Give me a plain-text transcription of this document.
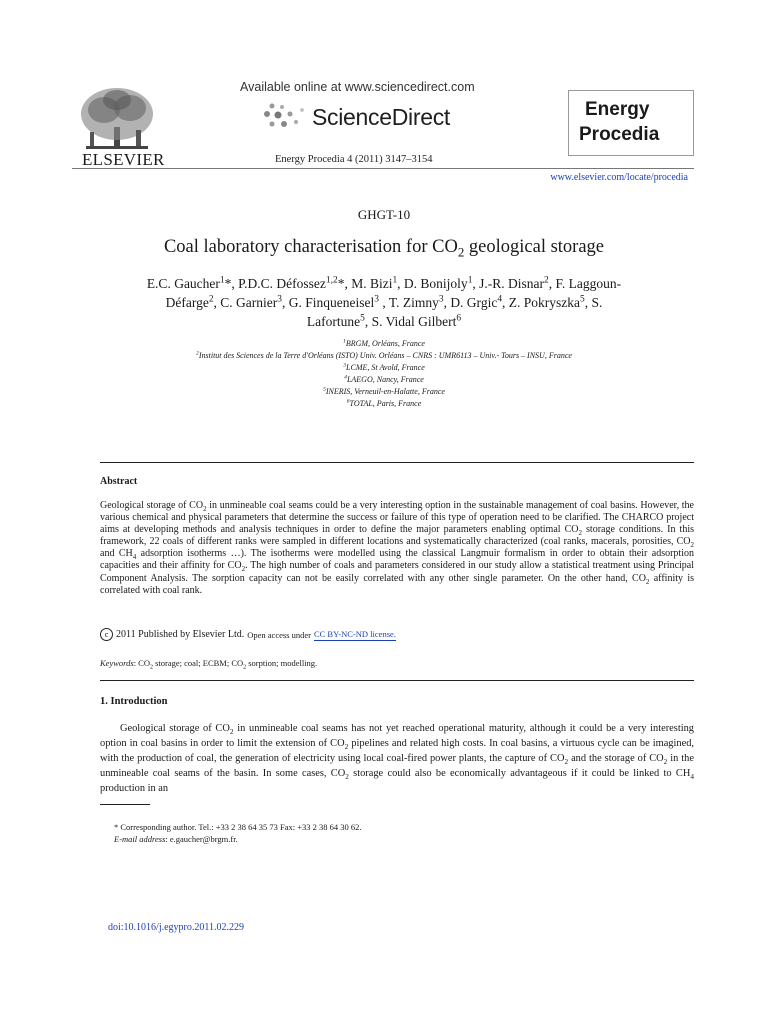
ELSEVIER
Available online at www.sciencedirect.com
ScienceDirect
Energy Procedia 4 (2011) 3147–3154
Energy
Procedia
www.elsevier.com/locate/procedia
GHGT-10
Coal laboratory characterisation for $CO_2$ geological storage
E.C. Gaucher$^1$*, P.D.C. Défossez$^{1,2}$*, M. Bizi$^1$, D. Bonijoly$^1$, J.-R. Disnar$^2$, F. Laggoun-
Défarge$^2$, C. Garnier$^3$, G. Finqueneisel$^3$ , T. Zimny$^3$, D. Grgic$^4$, Z. Pokryszka$^5$, S.
Lafortune$^5$, S. Vidal Gilbert$^6$
$^1$BRGM, Orléans, France
$^2$Institut des Sciences de la Terre d'Orléans (ISTO) Univ. Orléans – CNRS : UMR6113 – Univ.- Tours – INSU, France
$^3$LCME, St Avold, France
$^4$LAEGO, Nancy, France
$^5$INERIS, Verneuil-en-Halatte, France
$^6$TOTAL, Paris, France
Abstract
Geological storage of $CO_2$ in unmineable coal seams could be a very interesting option in the sustainable management of coal basins. However, the various chemical and physical parameters that determine the success or failure of this type of operation need to be clarified. The CHARCO project aims at developing methods and analysis techniques in order to define the major parameters enabling optimal $CO_2$ storage conditions. In this framework, 22 coals of different ranks were sampled in different locations and systematically characterized (coal ranks, macerals, porosities, $CO_2$ and $CH_4$ adsorption isotherms …). The isotherms were modelled using the classical Langmuir formalism in order to obtain their adsorption capacities and their affinity for $CO_2$. The high number of coals and parameters considered in our study allow a statistical treatment using Principal Component Analysis. The sorption capacity can not be easily correlated with any other single parameter. On the other hand, $CO_2$ affinity is correlated with coal rank.
c 2011 Published by Elsevier Ltd. Open access under CC BY-NC-ND license.
Keywords: $CO_2$ storage; coal; ECBM; $CO_2$ sorption; modelling.
1. Introduction
Geological storage of $CO_2$ in unmineable coal seams has not yet reached operational maturity, although it could be a very interesting option in coal basins in order to limit the extension of $CO_2$ pipelines and related high costs. In coal basins, a virtuous cycle can be imagined, with the production of coal, the generation of electricity using local coal-fired power plants, the capture of $CO_2$ and the storage of $CO_2$ in the unmineable coal seams of the basin. In some cases, $CO_2$ storage could also be economically advantageous if it could be linked to $CH_4$ production in an
* Corresponding author. Tel.: +33 2 38 64 35 73 Fax: +33 2 38 64 30 62.
E-mail address: e.gaucher@brgm.fr.
doi:10.1016/j.egypro.2011.02.229
